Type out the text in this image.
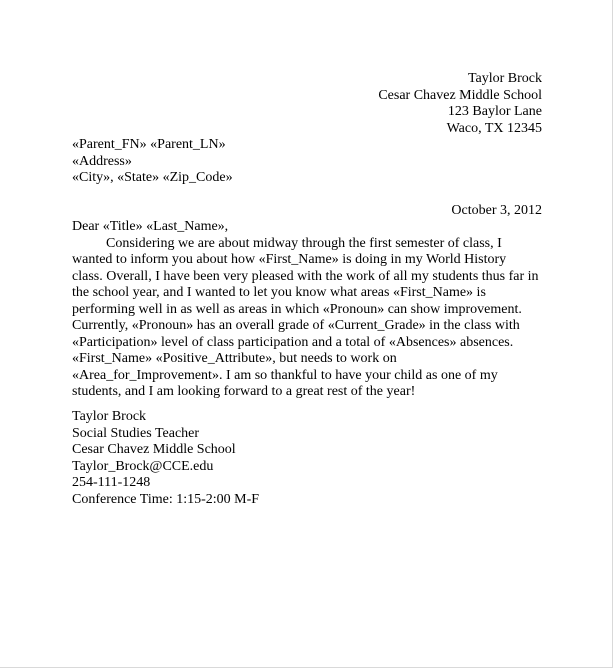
Taylor Brock
Cesar Chavez Middle School
123 Baylor Lane
Waco, TX 12345
«Parent_FN» «Parent_LN»
«Address»
«City», «State» «Zip_Code»
October 3, 2012
Dear «Title» «Last_Name»,
Considering we are about midway through the first semester of class, I
wanted to inform you about how «First_Name» is doing in my World History
class. Overall, I have been very pleased with the work of all my students thus far in
the school year, and I wanted to let you know what areas «First_Name» is
performing well in as well as areas in which «Pronoun» can show improvement.
Currently, «Pronoun» has an overall grade of «Current_Grade» in the class with
«Participation» level of class participation and a total of «Absences» absences.
«First_Name» «Positive_Attribute», but needs to work on
«Area_for_Improvement». I am so thankful to have your child as one of my
students, and I am looking forward to a great rest of the year!
Taylor Brock
Social Studies Teacher
Cesar Chavez Middle School
Taylor_Brock@CCE.edu
254-111-1248
Conference Time: 1:15-2:00 M-F
